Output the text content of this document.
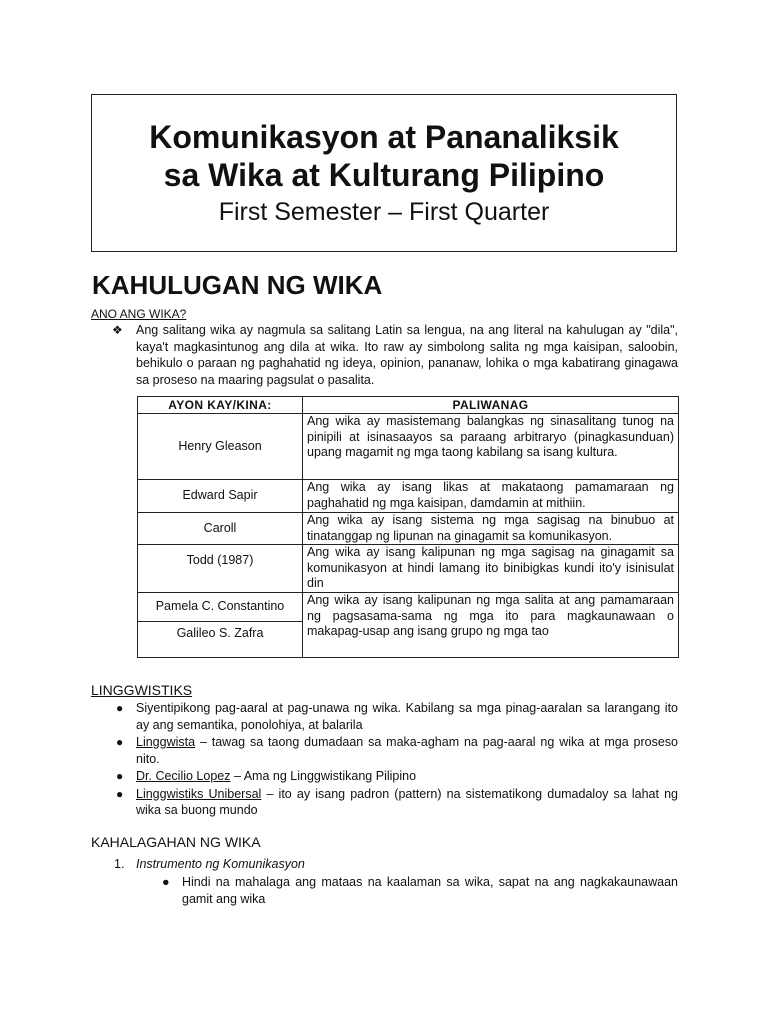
Komunikasyon at Pananaliksik

sa Wika at Kulturang Pilipino

First Semester – First Quarter
KAHULUGAN NG WIKA

ANO ANG WIKA?

❖	Ang salitang wika ay nagmula sa salitang Latin sa lengua, na ang literal na kahulugan ay "dila", kaya't magkasintunog ang dila at wika. Ito raw ay simbolong salita ng mga kaisipan, saloobin, behikulo o paraan ng paghahatid ng ideya, opinion, pananaw, lohika o mga kabatirang ginagawa sa proseso na maaring pagsulat o pasalita.
AYON KAY/KINA:	PALIWANAG
Henry Gleason	Ang wika ay masistemang balangkas ng sinasalitang tunog na pinipili at isinasaayos sa paraang arbitraryo (pinagkasunduan) upang magamit ng mga taong kabilang sa isang kultura.
Edward Sapir	Ang wika ay isang likas at makataong pamamaraan ng paghahatid ng mga kaisipan, damdamin at mithiin.
Caroll	Ang wika ay isang sistema ng mga sagisag na binubuo at tinatanggap ng lipunan na ginagamit sa komunikasyon.
Todd (1987)	Ang wika ay isang kalipunan ng mga sagisag na ginagamit sa komunikasyon at hindi lamang ito binibigkas kundi ito'y isinisulat din
Pamela C. Constantino	Ang wika ay isang kalipunan ng mga salita at ang pamamaraan ng pagsasama-sama ng mga ito para magkaunawaan o makapag-usap ang isang grupo ng mga tao
Galileo S. Zafra	

LINGGWISTIKS

● Siyentipikong pag-aaral at pag-unawa ng wika. Kabilang sa mga pinag-aaralan sa larangang ito ay ang semantika, ponolohiya, at balarila
● Linggwista – tawag sa taong dumadaan sa maka-agham na pag-aaral ng wika at mga proseso nito.
● Dr. Cecilio Lopez – Ama ng Linggwistikang Pilipino
● Linggwistiks Unibersal – ito ay isang padron (pattern) na sistematikong dumadaloy sa lahat ng wika sa buong mundo

KAHALAGAHAN NG WIKA

1. Instrumento ng Komunikasyon

● Hindi na mahalaga ang mataas na kaalaman sa wika, sapat na ang nagkakaunawaan gamit ang wika
